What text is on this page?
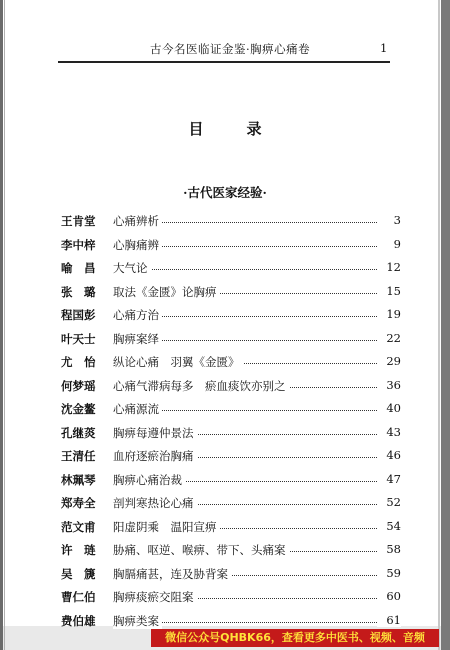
古今名医临证金鉴·胸痹心痛卷	1
目　录
·古代医家经验·
王肯堂	心痛辨析	3
李中梓	心胸痛辨	9
喻　昌	大气论	12
张　璐	取法《金匮》论胸痹	15
程国彭	心痛方治	19
叶天士	胸痹案绎	22
尤　怡	纵论心痛　羽翼《金匮》	29
何梦瑶	心痛气滞病每多　瘀血痰饮亦别之	36
沈金鳌	心痛源流	40
孔继菼	胸痹每遵仲景法	43
王清任	血府逐瘀治胸痛	46
林珮琴	胸痹心痛治裁	47
郑寿全	剖判寒热论心痛	52
范文甫	阳虚阴乘　温阳宣痹	54
许　琏	胁痛、呕逆、喉痹、带下、头痛案	58
吴　篪	胸膈痛甚，连及胁背案	59
曹仁伯	胸痹痰瘀交阻案	60
费伯雄	胸痹类案	61
微信公众号QHBK66，查看更多中医书、视频、音频
